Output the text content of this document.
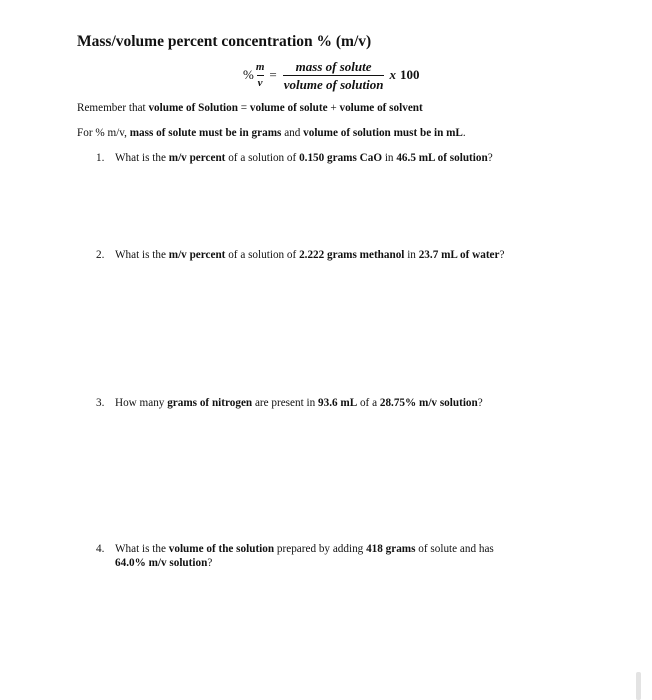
Mass/volume percent concentration % (m/v)
% $\frac{m}{v} = \frac{\text{mass of solute}}{\text{volume of solution}}$ x 100
Remember that volume of Solution = volume of solute + volume of solvent
For % m/v, mass of solute must be in grams and volume of solution must be in mL.
1. What is the m/v percent of a solution of 0.150 grams CaO in 46.5 mL of solution?
2. What is the m/v percent of a solution of 2.222 grams methanol in 23.7 mL of water?
3. How many grams of nitrogen are present in 93.6 mL of a 28.75% m/v solution?
4. What is the volume of the solution prepared by adding 418 grams of solute and has
64.0% m/v solution?
